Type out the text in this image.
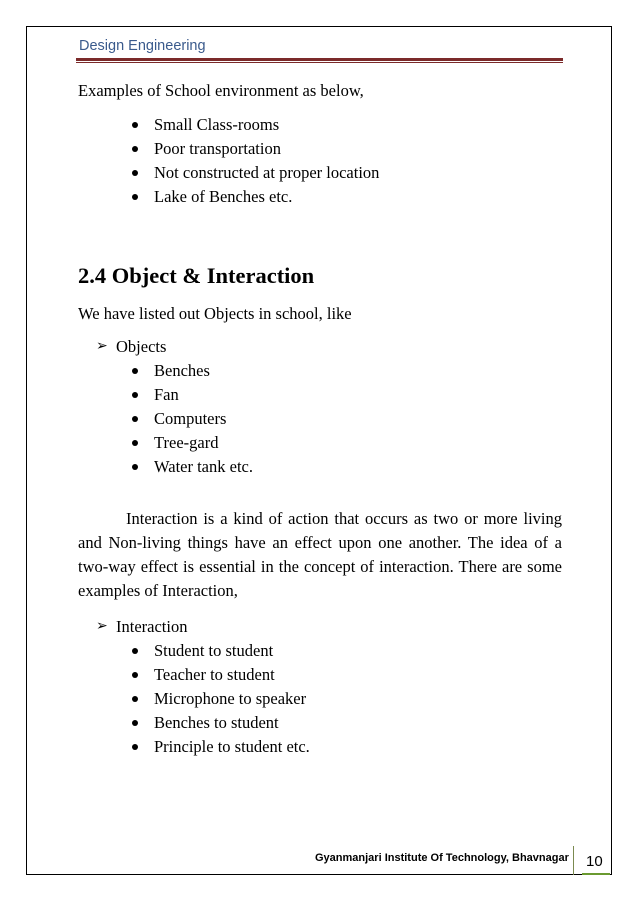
Design Engineering

Examples of School environment as below,

Small Class-rooms
Poor transportation
Not constructed at proper location
Lake of Benches etc.
2.4 Object & Interaction

We have listed out Objects in school, like

➢ Objects
Benches
Fan
Computers
Tree-gard
Water tank etc.

Interaction is a kind of action that occurs as two or more living and Non-living things have an effect upon one another. The idea of a two-way effect is essential in the concept of interaction. There are some examples of Interaction,

➢ Interaction
Student to student
Teacher to student
Microphone to speaker
Benches to student
Principle to student etc.
Gyanmanjari Institute Of Technology, Bhavnagar 10
